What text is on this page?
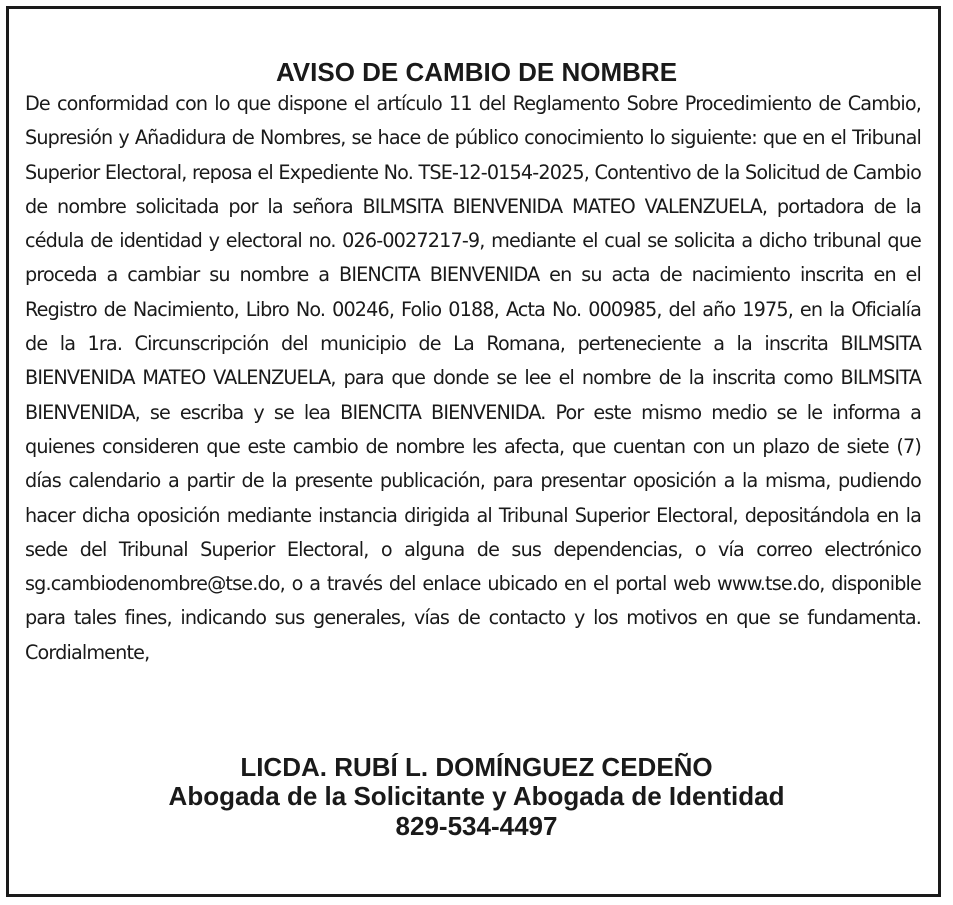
AVISO DE CAMBIO DE NOMBRE

De conformidad con lo que dispone el artículo 11 del Reglamento Sobre Procedimiento de Cambio, Supresión y Añadidura de Nombres, se hace de público conocimiento lo siguiente: que en el Tribunal Superior Electoral, reposa el Expediente No. TSE-12-0154-2025, Contentivo de la Solicitud de Cambio de nombre solicitada por la señora BILMSITA BIENVENIDA MATEO VALENZUELA, portadora de la cédula de identidad y electoral no. 026-0027217-9, mediante el cual se solicita a dicho tribunal que proceda a cambiar su nombre a BIENCITA BIENVENIDA en su acta de nacimiento inscrita en el Registro de Nacimiento, Libro No. 00246, Folio 0188, Acta No. 000985, del año 1975, en la Oficialía de la 1ra. Circunscripción del municipio de La Romana, perteneciente a la inscrita BILMSITA BIENVENIDA MATEO VALENZUELA, para que donde se lee el nombre de la inscrita como BILMSITA BIENVENIDA, se escriba y se lea BIENCITA BIENVENIDA. Por este mismo medio se le informa a quienes consideren que este cambio de nombre les afecta, que cuentan con un plazo de siete (7) días calendario a partir de la presente publicación, para presentar oposición a la misma, pudiendo hacer dicha oposición mediante instancia dirigida al Tribunal Superior Electoral, depositándola en la sede del Tribunal Superior Electoral, o alguna de sus dependencias, o vía correo electrónico sg.cambiodenombre@tse.do, o a través del enlace ubicado en el portal web www.tse.do, disponible para tales fines, indicando sus generales, vías de contacto y los motivos en que se fundamenta. Cordialmente,

LICDA. RUBÍ L. DOMÍNGUEZ CEDEÑO
Abogada de la Solicitante y Abogada de Identidad
829-534-4497
